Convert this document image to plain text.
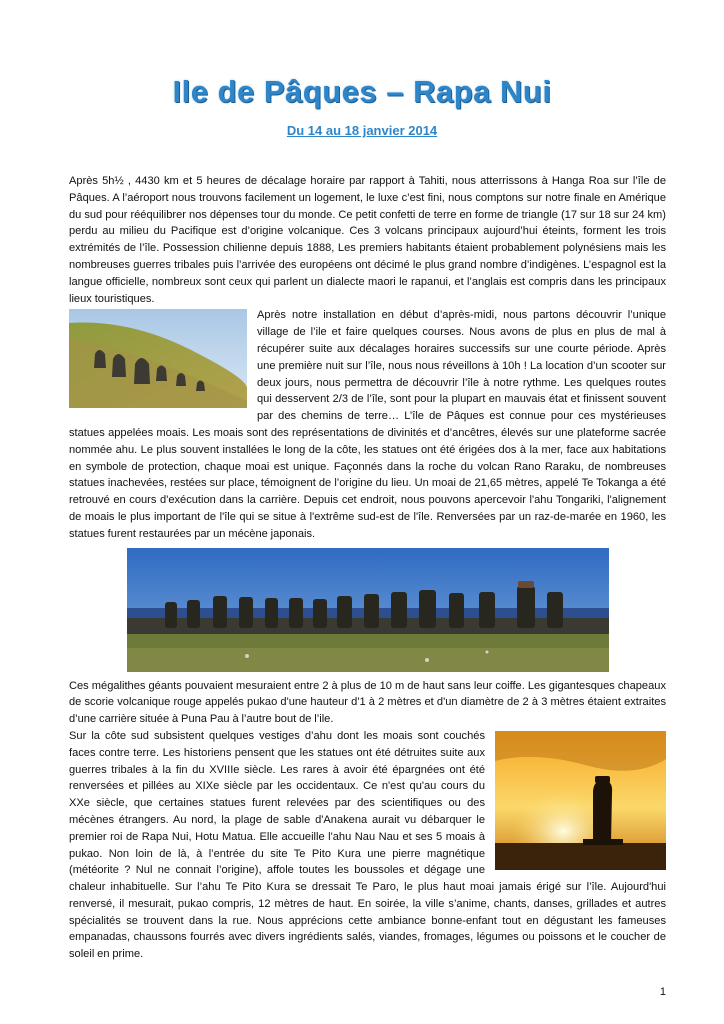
Ile de Pâques – Rapa Nui
Du 14 au 18 janvier 2014

Après 5h½ , 4430 km et 5 heures de décalage horaire par rapport à Tahiti, nous atterrissons à Hanga Roa sur l’île de Pâques. A l’aéroport nous trouvons facilement un logement, le luxe c’est fini, nous comptons sur notre finale en Amérique du sud pour rééquilibrer nos dépenses tour du monde. Ce petit confetti de terre en forme de triangle (17 sur 18 sur 24 km) perdu au milieu du Pacifique est d’origine volcanique. Ces 3 volcans principaux aujourd’hui éteints, forment les trois extrémités de l’île. Possession chilienne depuis 1888, Les premiers habitants étaient probablement polynésiens mais les nombreuses guerres tribales puis l’arrivée des européens ont décimé le plus grand nombre d’indigènes. L’espagnol est la langue officielle, nombreux sont ceux qui parlent un dialecte maori le rapanui, et l’anglais est compris dans les principaux lieux touristiques.

Après notre installation en début d’après-midi, nous partons découvrir l’unique village de l’ile et faire quelques courses. Nous avons de plus en plus de mal à récupérer suite aux décalages horaires successifs sur une courte période. Après une première nuit sur l’île, nous nous réveillons à 10h ! La location d’un scooter sur deux jours, nous permettra de découvrir l’île à notre rythme. Les quelques routes qui desservent 2/3 de l’île, sont pour la plupart en mauvais état et finissent souvent par des chemins de terre… L’île de Pâques est connue pour ces mystérieuses statues appelées moais. Les moais sont des représentations de divinités et d’ancêtres, élevés sur une plateforme sacrée nommée ahu. Le plus souvent installées le long de la côte, les statues ont été érigées dos à la mer, face aux habitations en symbole de protection, chaque moai est unique. Façonnés dans la roche du volcan Rano Raraku, de nombreuses statues inachevées, restées sur place, témoignent de l’origine du lieu. Un moai de 21,65 mètres, appelé Te Tokanga a été retrouvé en cours d'exécution dans la carrière. Depuis cet endroit, nous pouvons apercevoir l'ahu Tongariki, l'alignement de moais le plus important de l'île qui se situe à l'extrême sud-est de l'île. Renversées par un raz-de-marée en 1960, les statues furent restaurées par un mécène japonais.

Ces mégalithes géants pouvaient mesuraient entre 2 à plus de 10 m de haut sans leur coiffe. Les gigantesques chapeaux de scorie volcanique rouge appelés pukao d'une hauteur d'1 à 2 mètres et d'un diamètre de 2 à 3 mètres étaient extraites d’une carrière située à Puna Pau à l’autre bout de l’ile.

Sur la côte sud subsistent quelques vestiges d’ahu dont les moais sont couchés faces contre terre. Les historiens pensent que les statues ont été détruites suite aux guerres tribales à la fin du XVIIIe siècle. Les rares à avoir été épargnées ont été renversées et pillées au XIXe siècle par les occidentaux. Ce n'est qu'au cours du XXe siècle, que certaines statues furent relevées par des scientifiques ou des mécènes étrangers. Au nord, la plage de sable d'Anakena aurait vu débarquer le premier roi de Rapa Nui, Hotu Matua. Elle accueille l'ahu Nau Nau et ses 5 moais à pukao. Non loin de là, à l’entrée du site Te Pito Kura une pierre magnétique (météorite ? Nul ne connait l’origine), affole toutes les boussoles et dégage une chaleur inhabituelle. Sur l’ahu Te Pito Kura se dressait Te Paro, le plus haut moai jamais érigé sur l’île. Aujourd'hui renversé, il mesurait, pukao compris, 12 mètres de haut. En soirée, la ville s’anime, chants, danses, grillades et autres spécialités se trouvent dans la rue. Nous apprécions cette ambiance bonne-enfant tout en dégustant les fameuses empanadas, chaussons fourrés avec divers ingrédients salés, viandes, fromages, légumes ou poissons et le coucher de soleil en prime.

1
